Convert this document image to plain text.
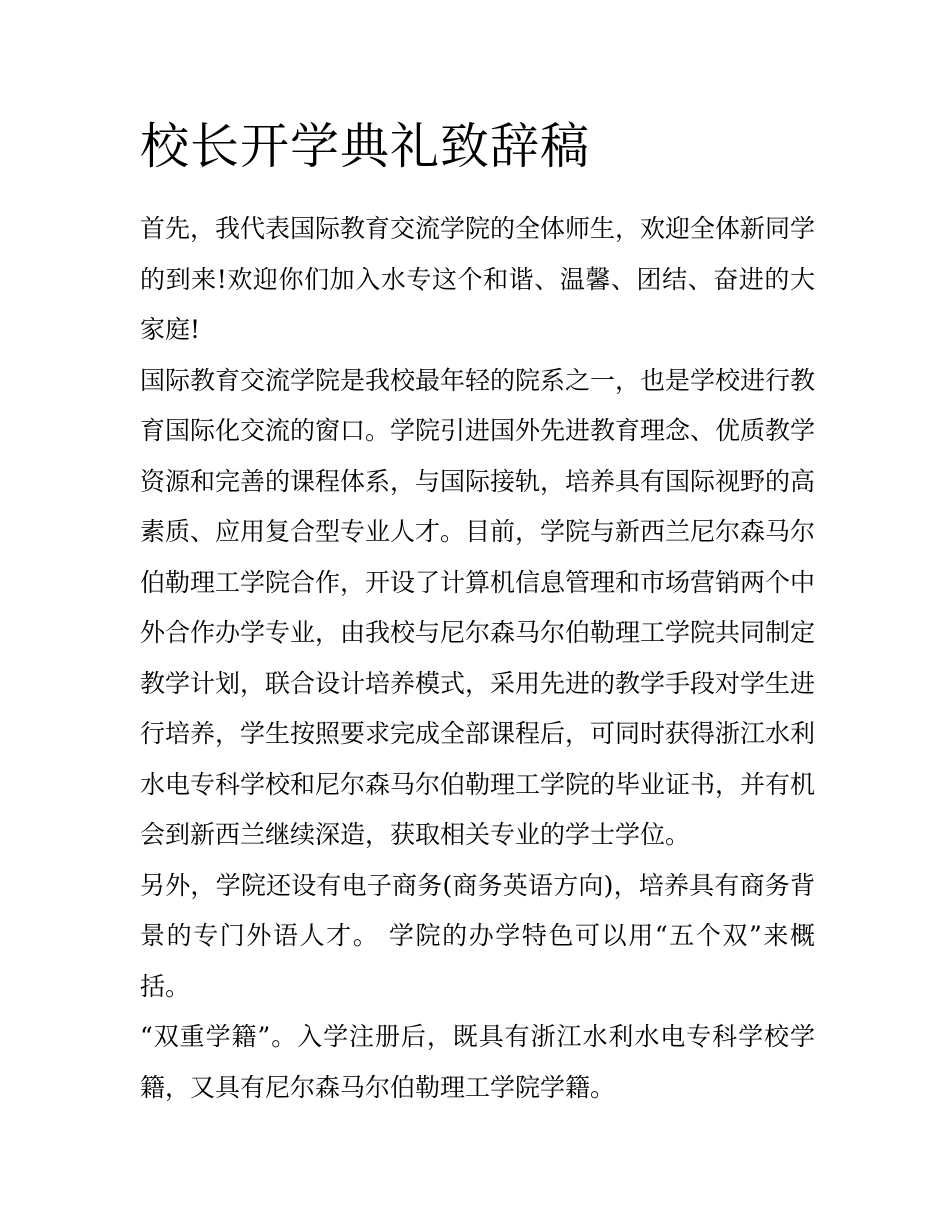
校长开学典礼致辞稿

首先，我代表国际教育交流学院的全体师生，欢迎全体新同学的到来!欢迎你们加入水专这个和谐、温馨、团结、奋进的大家庭!

国际教育交流学院是我校最年轻的院系之一，也是学校进行教育国际化交流的窗口。学院引进国外先进教育理念、优质教学资源和完善的课程体系，与国际接轨，培养具有国际视野的高素质、应用复合型专业人才。目前，学院与新西兰尼尔森马尔伯勒理工学院合作，开设了计算机信息管理和市场营销两个中外合作办学专业，由我校与尼尔森马尔伯勒理工学院共同制定教学计划，联合设计培养模式，采用先进的教学手段对学生进行培养，学生按照要求完成全部课程后，可同时获得浙江水利水电专科学校和尼尔森马尔伯勒理工学院的毕业证书，并有机会到新西兰继续深造，获取相关专业的学士学位。

另外，学院还设有电子商务(商务英语方向)，培养具有商务背景的专门外语人才。 学院的办学特色可以用“五个双”来概括。

“双重学籍”。入学注册后，既具有浙江水利水电专科学校学籍，又具有尼尔森马尔伯勒理工学院学籍。
